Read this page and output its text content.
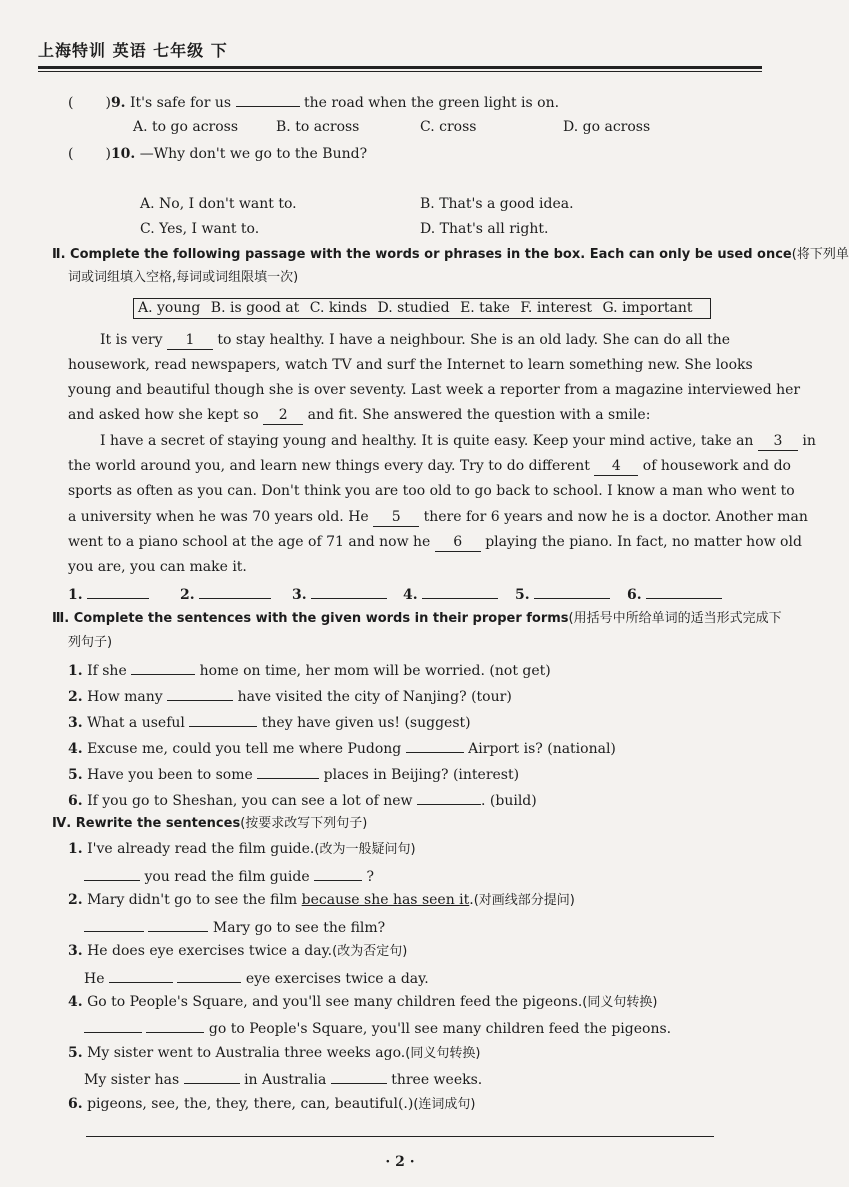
上海特训 英语 七年级 下
( )9. It's safe for us	the road when the green light is on.
A. to go across	B. to across	C. cross	D. go across
( )10. —Why don't we go to the Bund?
A. No, I don't want to.	B. That's a good idea.
C. Yes, I want to.	D. That's all right.
Ⅱ. Complete the following passage with the words or phrases in the box. Each can only be used once(将下列单
词或词组填入空格,每词或词组限填一次)
A. young B. is good at C. kinds D. studied E. take F. interest G. important
It is very 1 to stay healthy. I have a neighbour. She is an old lady. She can do all the
housework, read newspapers, watch TV and surf the Internet to learn something new. She looks
young and beautiful though she is over seventy. Last week a reporter from a magazine interviewed her
and asked how she kept so 2 and fit. She answered the question with a smile:
I have a secret of staying young and healthy. It is quite easy. Keep your mind active, take an 3 in
the world around you, and learn new things every day. Try to do different 4 of housework and do
sports as often as you can. Don't think you are too old to go back to school. I know a man who went to
a university when he was 70 years old. He 5 there for 6 years and now he is a doctor. Another man
went to a piano school at the age of 71 and now he 6 playing the piano. In fact, no matter how old
you are, you can make it.
1.	2.	3.	4.	5.	6.
Ⅲ. Complete the sentences with the given words in their proper forms(用括号中所给单词的适当形式完成下
列句子)
1. If she	home on time, her mom will be worried. (not get)
2. How many	have visited the city of Nanjing? (tour)
3. What a useful	they have given us! (suggest)
4. Excuse me, could you tell me where Pudong	Airport is? (national)
5. Have you been to some	places in Beijing? (interest)
6. If you go to Sheshan, you can see a lot of new	. (build)
Ⅳ. Rewrite the sentences(按要求改写下列句子)
1. I've already read the film guide.(改为一般疑问句)
you read the film guide	?
2. Mary didn't go to see the film because she has seen it.(对画线部分提问)
Mary go to see the film?
3. He does eye exercises twice a day.(改为否定句)
He	eye exercises twice a day.
4. Go to People's Square, and you'll see many children feed the pigeons.(同义句转换)
go to People's Square, you'll see many children feed the pigeons.
5. My sister went to Australia three weeks ago.(同义句转换)
My sister has	in Australia	three weeks.
6. pigeons, see, the, they, there, can, beautiful(.)(连词成句)
· 2 ·
